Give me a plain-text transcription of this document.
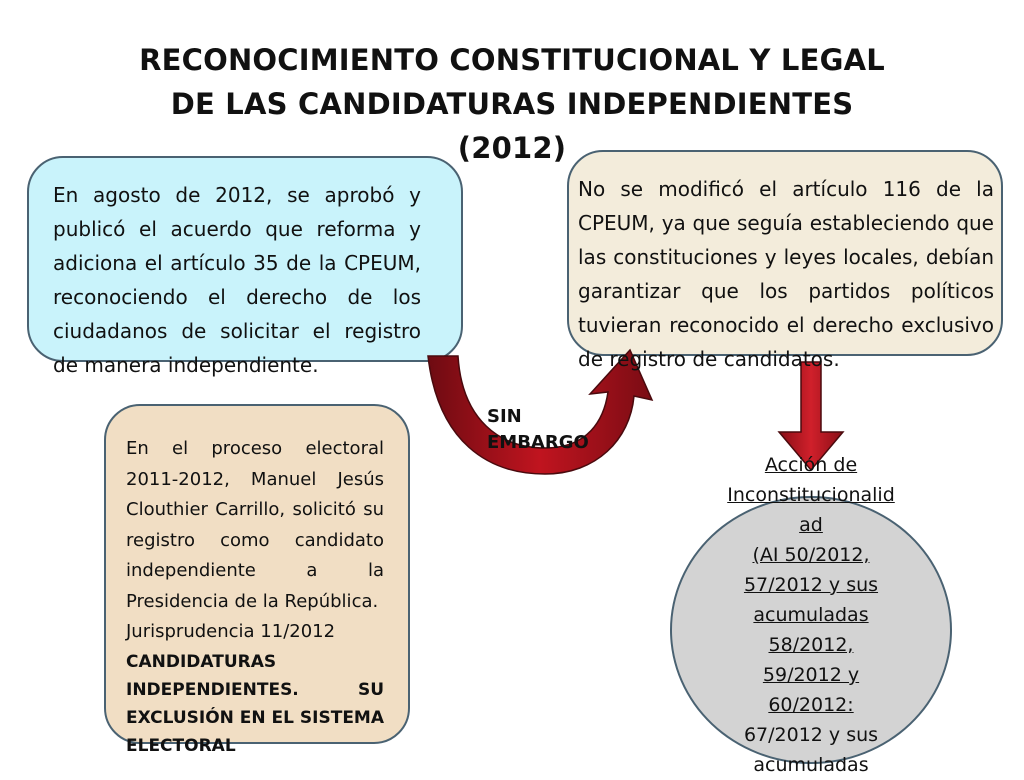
RECONOCIMIENTO CONSTITUCIONAL Y LEGAL
DE LAS CANDIDATURAS INDEPENDIENTES
(2012)
En agosto de 2012, se aprobó y publicó el acuerdo que reforma y adiciona el artículo 35 de la CPEUM, reconociendo el derecho de los ciudadanos de solicitar el registro de manera independiente.
No se modificó el artículo 116 de la CPEUM, ya que seguía estableciendo que las constituciones y leyes locales, debían garantizar que los partidos políticos tuvieran reconocido el derecho exclusivo de registro de candidatos.
SIN
EMBARGO
En el proceso electoral 2011-2012, Manuel Jesús Clouthier Carrillo, solicitó su registro como candidato independiente a la Presidencia de la República.
Jurisprudencia 11/2012
CANDIDATURAS INDEPENDIENTES. SU EXCLUSIÓN EN EL SISTEMA ELECTORAL
Acción de
Inconstitucionalid
ad
(AI 50/2012,
57/2012 y sus
acumuladas
58/2012,
59/2012 y
60/2012:
67/2012 y sus
acumuladas
